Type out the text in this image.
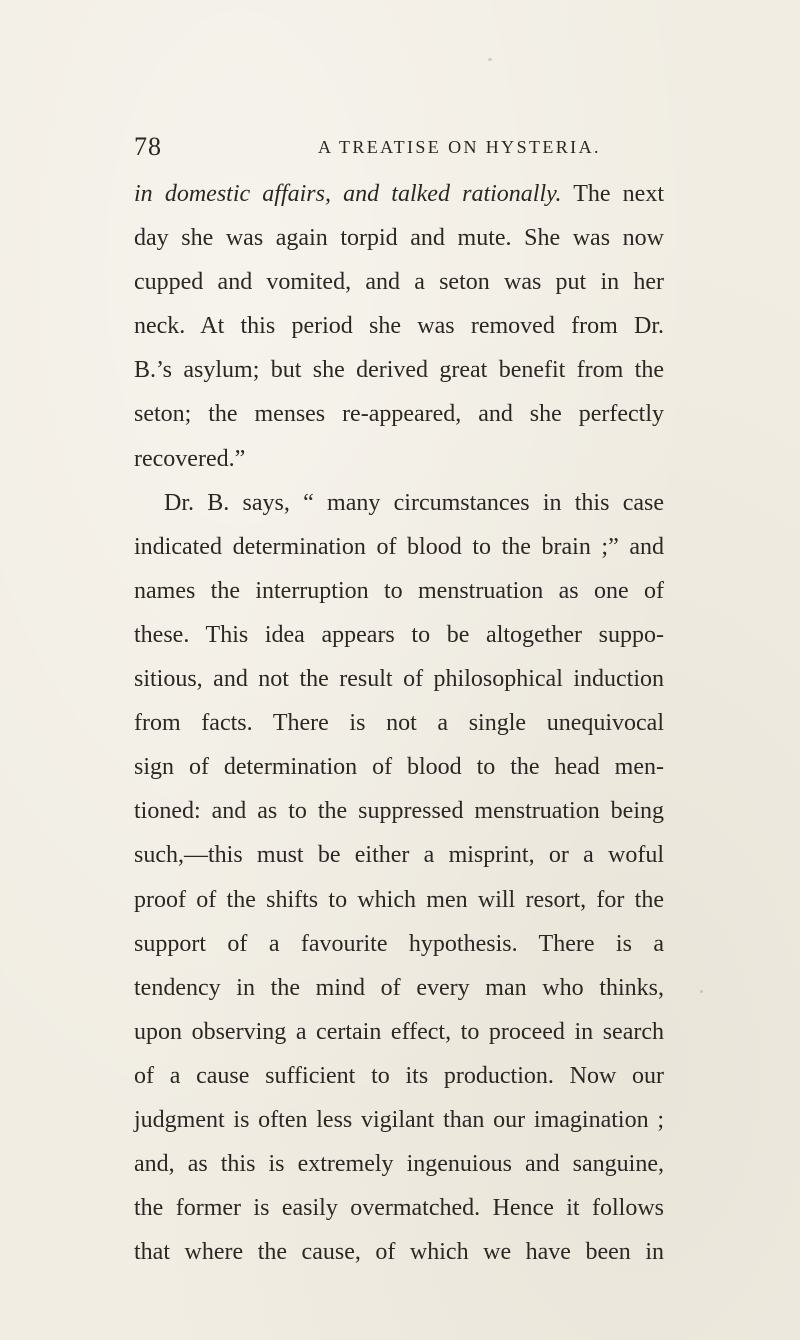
78	A TREATISE ON HYSTERIA.
in domestic affairs, and talked rationally. The next
day she was again torpid and mute. She was now
cupped and vomited, and a seton was put in her
neck. At this period she was removed from Dr.
B.’s asylum; but she derived great benefit from the
seton; the menses re-appeared, and she perfectly
recovered.”
Dr. B. says, “ many circumstances in this case
indicated determination of blood to the brain ;” and
names the interruption to menstruation as one of
these. This idea appears to be altogether suppo-
sitious, and not the result of philosophical induction
from facts. There is not a single unequivocal
sign of determination of blood to the head men-
tioned: and as to the suppressed menstruation being
such,—this must be either a misprint, or a woful
proof of the shifts to which men will resort, for the
support of a favourite hypothesis. There is a
tendency in the mind of every man who thinks,
upon observing a certain effect, to proceed in search
of a cause sufficient to its production. Now our
judgment is often less vigilant than our imagination ;
and, as this is extremely ingenuious and sanguine,
the former is easily overmatched. Hence it follows
that where the cause, of which we have been in
